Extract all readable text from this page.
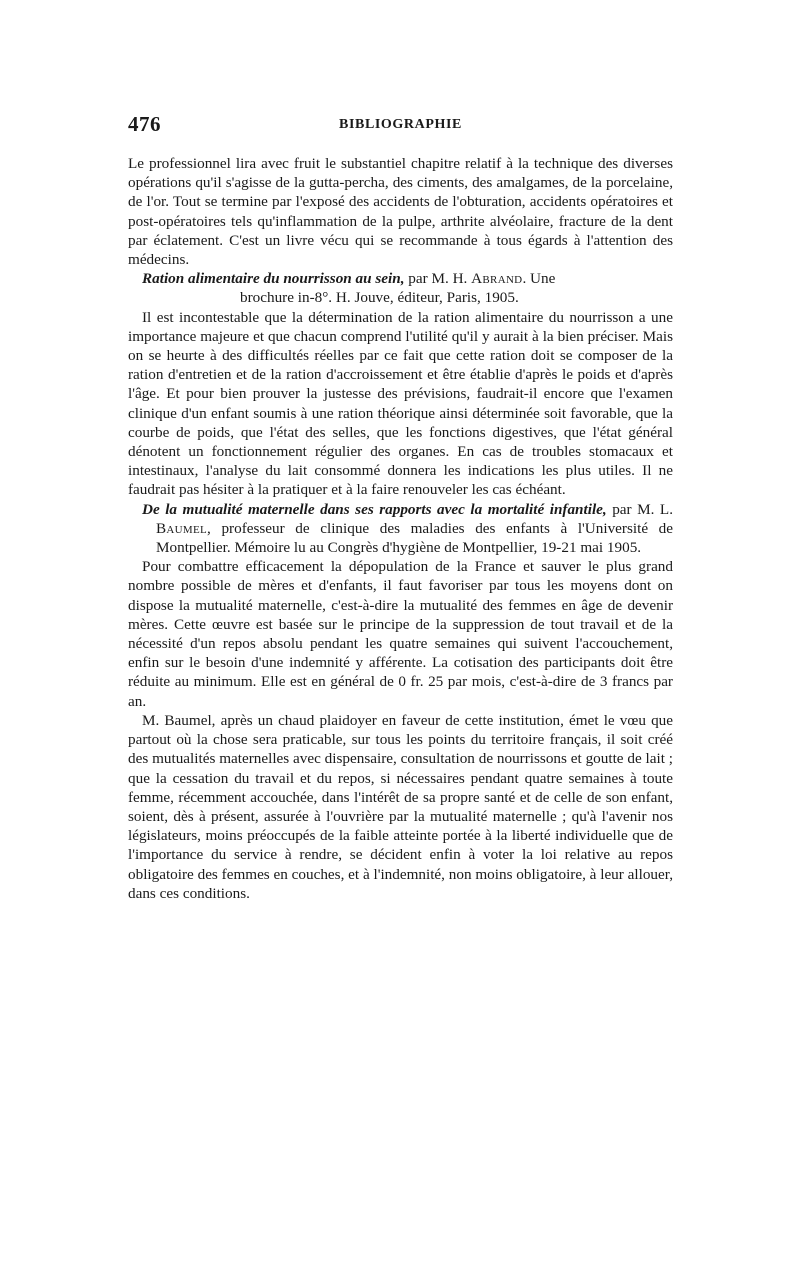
476	BIBLIOGRAPHIE

Le professionnel lira avec fruit le substantiel chapitre relatif à la technique des diverses opérations qu'il s'agisse de la gutta-percha, des ciments, des amalgames, de la porcelaine, de l'or. Tout se termine par l'exposé des accidents de l'obturation, accidents opératoires et post-opératoires tels qu'inflammation de la pulpe, arthrite alvéolaire, fracture de la dent par éclatement. C'est un livre vécu qui se recommande à tous égards à l'attention des médecins.

Ration alimentaire du nourrisson au sein, par M. H. Abrand. Une
brochure in-8°. H. Jouve, éditeur, Paris, 1905.

Il est incontestable que la détermination de la ration alimentaire du nourrisson a une importance majeure et que chacun comprend l'utilité qu'il y aurait à la bien préciser. Mais on se heurte à des difficultés réelles par ce fait que cette ration doit se composer de la ration d'entretien et de la ration d'accroissement et être établie d'après le poids et d'après l'âge. Et pour bien prouver la justesse des prévisions, faudrait-il encore que l'examen clinique d'un enfant soumis à une ration théorique ainsi déterminée soit favorable, que la courbe de poids, que l'état des selles, que les fonctions digestives, que l'état général dénotent un fonctionnement régulier des organes. En cas de troubles stomacaux et intestinaux, l'analyse du lait consommé donnera les indications les plus utiles. Il ne faudrait pas hésiter à la pratiquer et à la faire renouveler les cas échéant.

De la mutualité maternelle dans ses rapports avec la mortalité infantile, par M. L. Baumel, professeur de clinique des maladies des enfants à l'Université de Montpellier. Mémoire lu au Congrès d'hygiène de Montpellier, 19-21 mai 1905.

Pour combattre efficacement la dépopulation de la France et sauver le plus grand nombre possible de mères et d'enfants, il faut favoriser par tous les moyens dont on dispose la mutualité maternelle, c'est-à-dire la mutualité des femmes en âge de devenir mères. Cette œuvre est basée sur le principe de la suppression de tout travail et de la nécessité d'un repos absolu pendant les quatre semaines qui suivent l'accouchement, enfin sur le besoin d'une indemnité y afférente. La cotisation des participants doit être réduite au minimum. Elle est en général de 0 fr. 25 par mois, c'est-à-dire de 3 francs par an.

M. Baumel, après un chaud plaidoyer en faveur de cette institution, émet le vœu que partout où la chose sera praticable, sur tous les points du territoire français, il soit créé des mutualités maternelles avec dispensaire, consultation de nourrissons et goutte de lait ; que la cessation du travail et du repos, si nécessaires pendant quatre semaines à toute femme, récemment accouchée, dans l'intérêt de sa propre santé et de celle de son enfant, soient, dès à présent, assurée à l'ouvrière par la mutualité maternelle ; qu'à l'avenir nos législateurs, moins préoccupés de la faible atteinte portée à la liberté individuelle que de l'importance du service à rendre, se décident enfin à voter la loi relative au repos obligatoire des femmes en couches, et à l'indemnité, non moins obligatoire, à leur allouer, dans ces conditions.
